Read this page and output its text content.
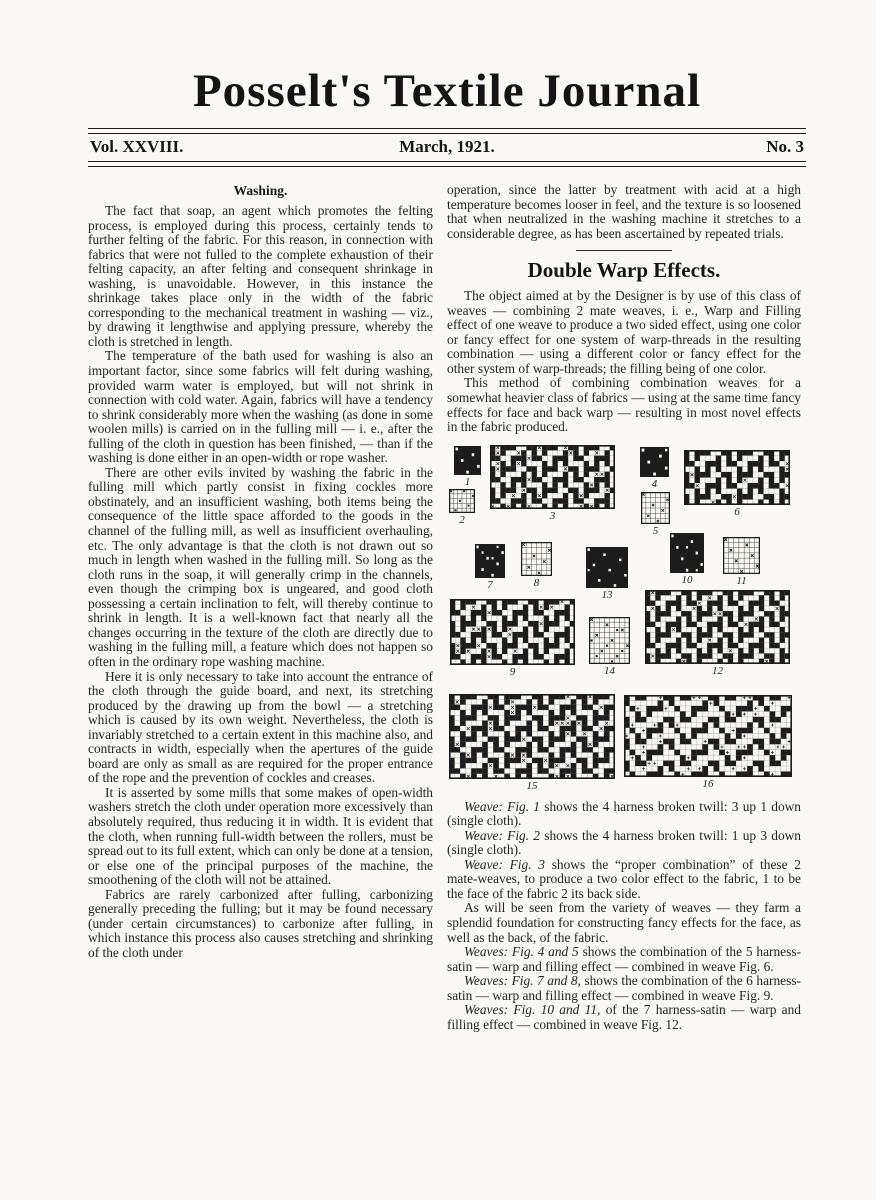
Posselt's Textile Journal
Vol. XXVIII.	March, 1921.	No. 3
Washing.

The fact that soap, an agent which promotes the felting process, is employed during this process, certainly tends to further felting of the fabric. For this reason, in connection with fabrics that were not fulled to the complete exhaustion of their felting capacity, an after felting and consequent shrinkage in washing, is unavoidable. However, in this instance the shrinkage takes place only in the width of the fabric corresponding to the mechanical treatment in washing — viz., by drawing it lengthwise and applying pressure, whereby the cloth is stretched in length.

The temperature of the bath used for washing is also an important factor, since some fabrics will felt during washing, provided warm water is employed, but will not shrink in connection with cold water. Again, fabrics will have a tendency to shrink considerably more when the washing (as done in some woolen mills) is carried on in the fulling mill — i. e., after the fulling of the cloth in question has been finished, — than if the washing is done either in an open-width or rope washer.

There are other evils invited by washing the fabric in the fulling mill which partly consist in fixing cockles more obstinately, and an insufficient washing, both items being the consequence of the little space afforded to the goods in the channel of the fulling mill, as well as insufficient overhauling, etc. The only advantage is that the cloth is not drawn out so much in length when washed in the fulling mill. So long as the cloth runs in the soap, it will generally crimp in the channels, even though the crimping box is ungeared, and good cloth possessing a certain inclination to felt, will thereby continue to shrink in length. It is a well-known fact that nearly all the changes occurring in the texture of the cloth are directly due to washing in the fulling mill, a feature which does not happen so often in the ordinary rope washing machine.

Here it is only necessary to take into account the entrance of the cloth through the guide board, and next, its stretching produced by the drawing up from the bowl — a stretching which is caused by its own weight. Nevertheless, the cloth is invariably stretched to a certain extent in this machine also, and contracts in width, especially when the apertures of the guide board are only as small as are required for the proper entrance of the rope and the prevention of cockles and creases.

It is asserted by some mills that some makes of open-width washers stretch the cloth under operation more excessively than absolutely required, thus reducing it in width. It is evident that the cloth, when running full-width between the rollers, must be spread out to its full extent, which can only be done at a tension, or else one of the principal purposes of the machine, the smoothening of the cloth will not be attained.

Fabrics are rarely carbonized after fulling, carbonizing generally preceding the fulling; but it may be found necessary (under certain circumstances) to carbonize after fulling, in which instance this process also causes stretching and shrinking of the cloth under

operation, since the latter by treatment with acid at a high temperature becomes looser in feel, and the texture is so loosened that when neutralized in the washing machine it stretches to a considerable degree, as has been ascertained by repeated trials.

Double Warp Effects.

The object aimed at by the Designer is by use of this class of weaves — combining 2 mate weaves, i. e., Warp and Filling effect of one weave to produce a two sided effect, using one color or fancy effect for one system of warp-threads in the resulting combination — using a different color or fancy effect for the other system of warp-threads; the filling being of one color.

This method of combining combination weaves for a somewhat heavier class of fabrics — using at the same time fancy effects for face and back warp — resulting in most novel effects in the fabric produced.

1
2	3
4
5
6
7	8
13
10	11
9	14	12
15	16

Weave: Fig. 1 shows the 4 harness broken twill: 3 up 1 down (single cloth).

Weave: Fig. 2 shows the 4 harness broken twill: 1 up 3 down (single cloth).

Weave: Fig. 3 shows the “proper combination” of these 2 mate-weaves, to produce a two color effect to the fabric, 1 to be the face of the fabric 2 its back side.

As will be seen from the variety of weaves — they farm a splendid foundation for constructing fancy effects for the face, as well as the back, of the fabric.

Weaves: Fig. 4 and 5 shows the combination of the 5 harness-satin — warp and filling effect — combined in weave Fig. 6.

Weaves: Fig. 7 and 8, shows the combination of the 6 harness-satin — warp and filling effect — combined in weave Fig. 9.

Weaves: Fig. 10 and 11, of the 7 harness-satin — warp and filling effect — combined in weave Fig. 12.
